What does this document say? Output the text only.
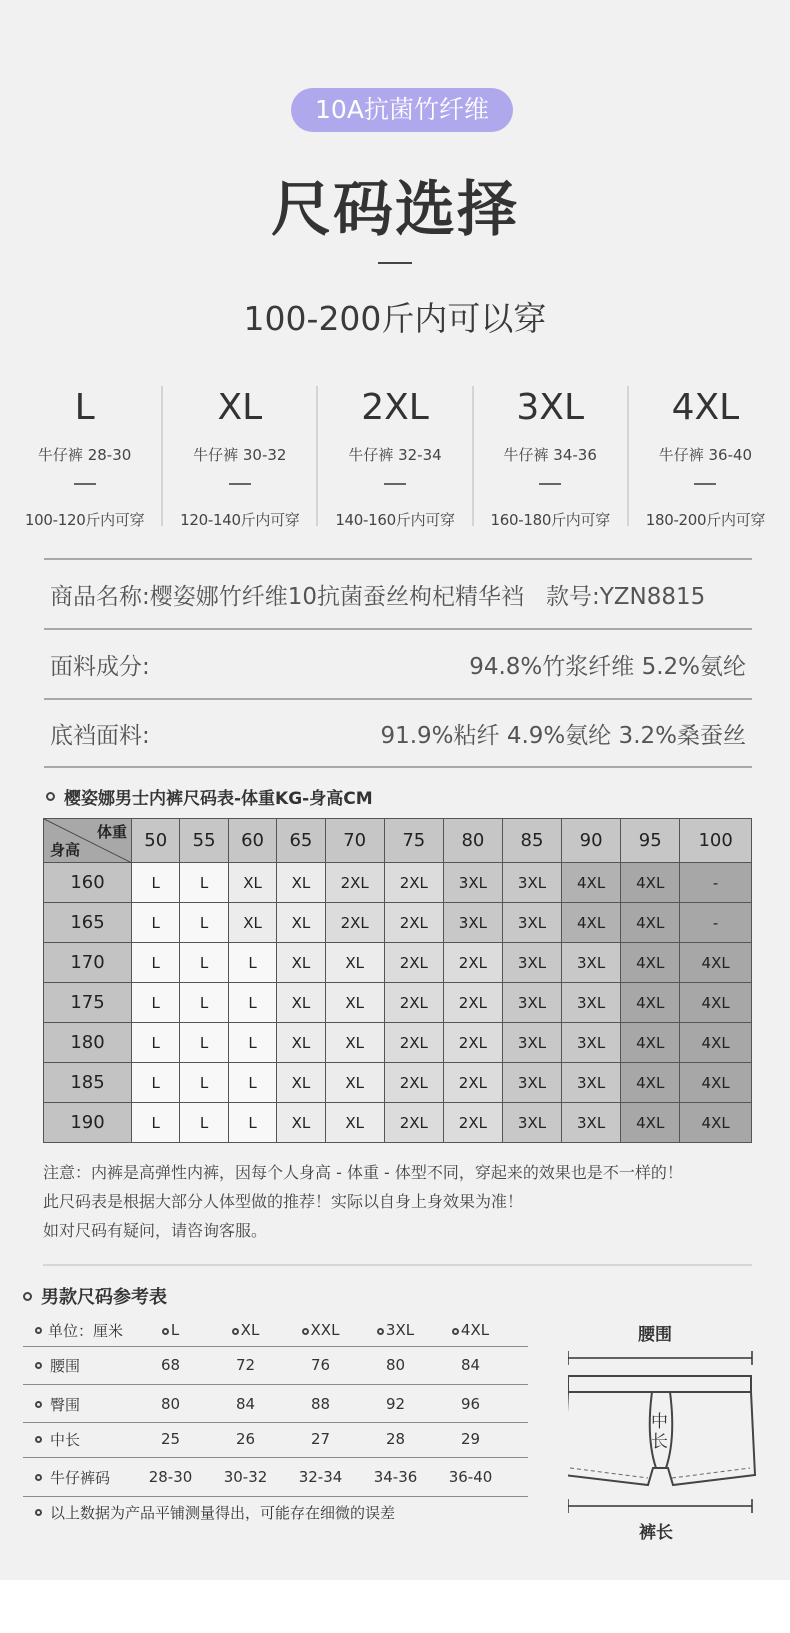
10A抗菌竹纤维
尺码选择
100-200斤内可以穿
L
牛仔裤 28-30
100-120斤内可穿
XL
牛仔裤 30-32
120-140斤内可穿
2XL
牛仔裤 32-34
140-160斤内可穿
3XL
牛仔裤 34-36
160-180斤内可穿
4XL
牛仔裤 36-40
180-200斤内可穿
商品名称:樱姿娜竹纤维10抗菌蚕丝枸杞精华裆   款号:YZN8815
面料成分:	94.8%竹浆纤维 5.2%氨纶
底裆面料:	91.9%粘纤 4.9%氨纶 3.2%桑蚕丝
樱姿娜男士内裤尺码表-体重KG-身高CM
体重
身高	50	55	60	65	70	75	80	85	90	95	100
160	L	L	XL	XL	2XL	2XL	3XL	3XL	4XL	4XL	-
165	L	L	XL	XL	2XL	2XL	3XL	3XL	4XL	4XL	-
170	L	L	L	XL	XL	2XL	2XL	3XL	3XL	4XL	4XL
175	L	L	L	XL	XL	2XL	2XL	3XL	3XL	4XL	4XL
180	L	L	L	XL	XL	2XL	2XL	3XL	3XL	4XL	4XL
185	L	L	L	XL	XL	2XL	2XL	3XL	3XL	4XL	4XL
190	L	L	L	XL	XL	2XL	2XL	3XL	3XL	4XL	4XL
注意：内裤是高弹性内裤，因每个人身高 - 体重 - 体型不同，穿起来的效果也是不一样的！
此尺码表是根据大部分人体型做的推荐！实际以自身上身效果为准！
如对尺码有疑问，请咨询客服。
男款尺码参考表
单位：厘米	L	XL	XXL	3XL	4XL
腰围	68	72	76	80	84
臀围	80	84	88	92	96
中长	25	26	27	28	29
牛仔裤码	28-30	30-32	32-34	34-36	36-40
以上数据为产品平铺测量得出，可能存在细微的误差
腰围
中长
裤长
